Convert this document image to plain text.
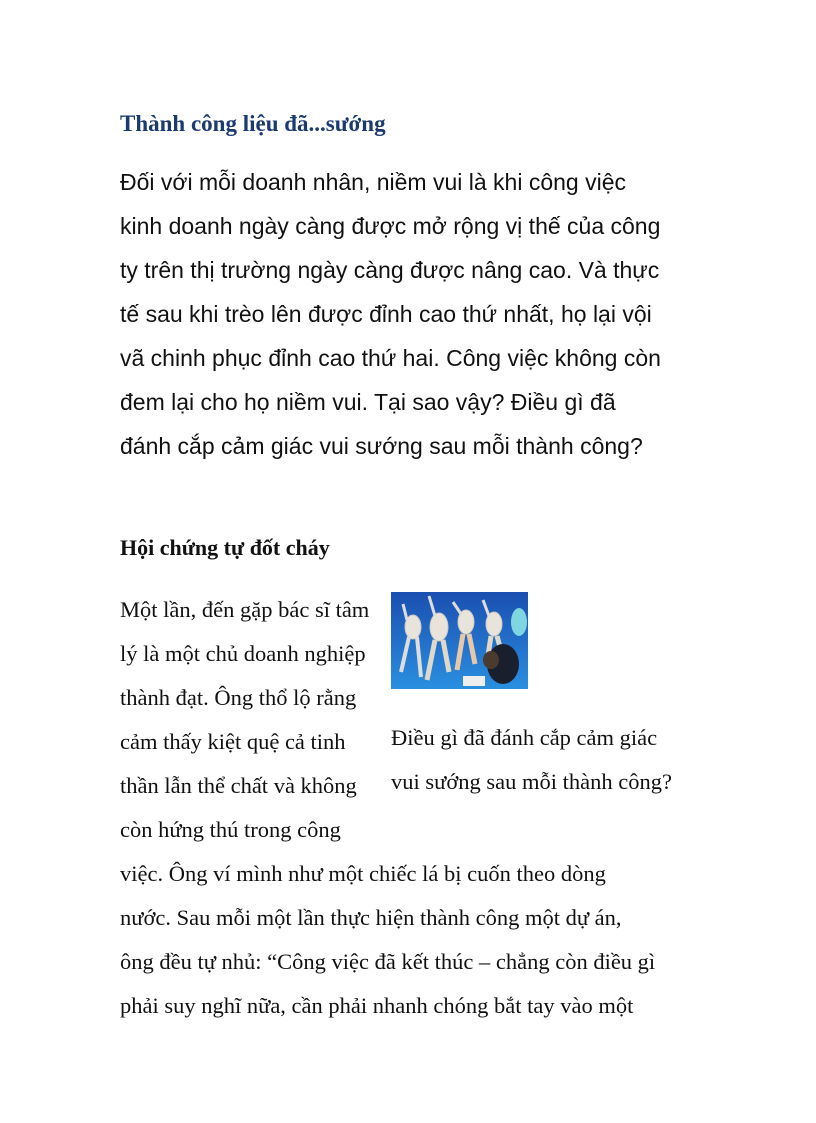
Thành công liệu đã...sướng

Đối với mỗi doanh nhân, niềm vui là khi công việc
kinh doanh ngày càng được mở rộng vị thế của công
ty trên thị trường ngày càng được nâng cao. Và thực
tế sau khi trèo lên được đỉnh cao thứ nhất, họ lại vội
vã chinh phục đỉnh cao thứ hai. Công việc không còn
đem lại cho họ niềm vui. Tại sao vậy? Điều gì đã
đánh cắp cảm giác vui sướng sau mỗi thành công?

Hội chứng tự đốt cháy

Một lần, đến gặp bác sĩ tâm
lý là một chủ doanh nghiệp
thành đạt. Ông thổ lộ rằng
cảm thấy kiệt quệ cả tinh
thần lẫn thể chất và không
còn hứng thú trong công

Điều gì đã đánh cắp cảm giác
vui sướng sau mỗi thành công?

việc. Ông ví mình như một chiếc lá bị cuốn theo dòng
nước. Sau mỗi một lần thực hiện thành công một dự án,
ông đều tự nhủ: “Công việc đã kết thúc – chẳng còn điều gì
phải suy nghĩ nữa, cần phải nhanh chóng bắt tay vào một
